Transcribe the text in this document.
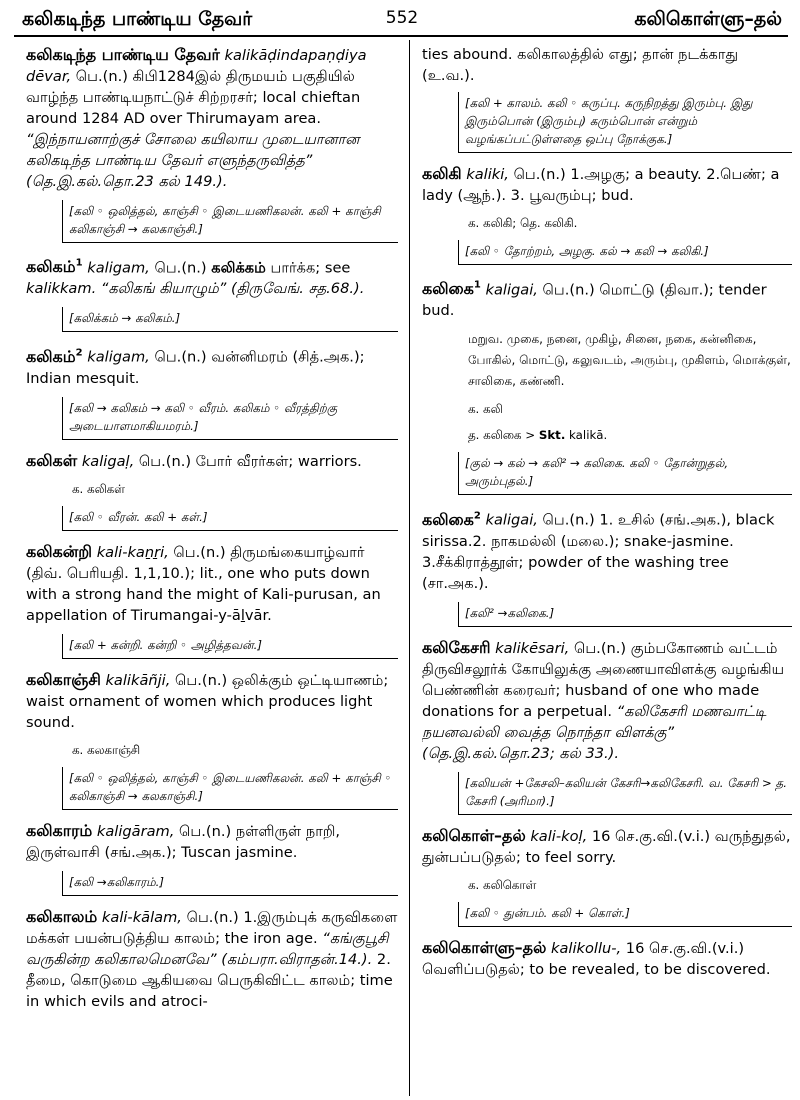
கலிகடிந்த பாண்டிய தேவர்	552	கலிகொள்ளு–தல்
கலிகடிந்த பாண்டிய தேவர் kalikāḍindapaṇḍiya dēvar, பெ.(n.) கிபி1284இல் திருமயம் பகுதியில் வாழ்ந்த பாண்டியநாட்டுச் சிற்றரசர்; local chieftan around 1284 AD over Thirumayam area. “இந்நாயனாற்குச் சோலை கயிலாய முடையானான கலிகடிந்த பாண்டிய தேவர் எளுந்தருவித்த” (தெ.இ.கல்.தொ.23 கல் 149.).
[கலி ◦ ஒலித்தல், காஞ்சி ◦ இடையணிகலன். கலி + காஞ்சி கலிகாஞ்சி → கலகாஞ்சி.]
கலிகம்$^1$ kaligam, பெ.(n.) கலிக்கம் பார்க்க; see kalikkam. “கலிகங் கியாழும்” (திருவேங். சத.68.).
[கலிக்கம் → கலிகம்.]
கலிகம்$^2$ kaligam, பெ.(n.) வன்னிமரம் (சித்.அக.); Indian mesquit.
[கலி → கலிகம் → கலி ◦ வீரம். கலிகம் ◦ வீரத்திற்கு அடையாளமாகியமரம்.]
கலிகள் kaligaḷ, பெ.(n.) போர் வீரர்கள்; warriors.
க. கலிகள்
[கலி ◦ வீரன். கலி + கள்.]
கலிகன்றி kali-kaṉṟi, பெ.(n.) திருமங்கையாழ்வார் (திவ். பெரியதி. 1,1,10.); lit., one who puts down with a strong hand the might of Kali-purusan, an appellation of Tirumangai-y-āḻvār.
[கலி + கன்றி. கன்றி ◦ அழித்தவன்.]
கலிகாஞ்சி kalikāñji, பெ.(n.) ஒலிக்கும் ஒட்டியாணம்; waist ornament of women which produces light sound.
க. கலகாஞ்சி
[கலி ◦ ஒலித்தல், காஞ்சி ◦ இடையணிகலன். கலி + காஞ்சி ◦ கலிகாஞ்சி → கலகாஞ்சி.]
கலிகாரம் kaligāram, பெ.(n.) நள்ளிருள் நாறி, இருள்வாசி (சங்.அக.); Tuscan jasmine.
[கலி →கலிகாரம்.]
கலிகாலம் kali-kālam, பெ.(n.) 1.இரும்புக் கருவிகளை மக்கள் பயன்படுத்திய காலம்; the iron age. “கங்குபூசி வருகின்ற கலிகாலமெனவே” (கம்பரா.விராதன்.14.). 2. தீமை, கொடுமை ஆகியவை பெருகிவிட்ட காலம்; time in which evils and atroci-
ties abound. கலிகாலத்தில் எது; தான் நடக்காது (உ.வ.).
[கலி + காலம். கலி ◦ கருப்பு. கருநிறத்து இரும்பு. இது இரும்பொன் (இரும்பு) கரும்பொன் என்றும் வழங்கப்பட்டுள்ளதை ஒப்பு நோக்குக.]
கலிகி kaliki, பெ.(n.) 1.அழகு; a beauty. 2.பெண்; a lady (ஆந்.). 3. பூவரும்பு; bud.
க. கலிகி; தெ. கலிகி.
[கலி ◦ தோற்றம், அழகு. கல் → கலி → கலிகி.]
கலிகை$^1$ kaligai, பெ.(n.) மொட்டு (திவா.); tender bud.
மறுவ. முகை, நனை, முகிழ், சினை, நகை, கன்னிகை, போகில், மொட்டு, கலுவடம், அரும்பு, முகிளம், மொக்குள், சாலிகை, கண்ணி.
க. கலி
த. கலிகை > Skt. kalikā.
[குல் → கல் → கலி² → கலிகை. கலி ◦ தோன்றுதல், அரும்புதல்.]
கலிகை$^2$ kaligai, பெ.(n.) 1. உசில் (சங்.அக.), black sirissa.2. நாகமல்லி (மலை.); snake-jasmine. 3.சீக்கிராத்தூள்; powder of the washing tree (சா.அக.).
[கலி² →கலிகை.]
கலிகேசரி kalikēsari, பெ.(n.) கும்பகோணம் வட்டம் திருவிசலூர்க் கோயிலுக்கு அணையாவிளக்கு வழங்கிய பெண்ணின் கரைவர்; husband of one who made donations for a perpetual. “கலிகேசரி மணவாட்டி நயனவல்லி வைத்த நொந்தா விளக்கு” (தெ.இ.கல்.தொ.23; கல் 33.).
[கலியன் +கேசலி–கலியன் கேசரி→கலிகேசரி. வ. கேசரி > த. கேசரி (அரிமா).]
கலிகொள்–தல் kali-koḷ, 16 செ.கு.வி.(v.i.) வருந்துதல், துன்பப்படுதல்; to feel sorry.
க. கலிகொள்
[கலி ◦ துன்பம். கலி + கொள்.]
கலிகொள்ளு–தல் kalikollu-, 16 செ.கு.வி.(v.i.) வெளிப்படுதல்; to be revealed, to be discovered.
